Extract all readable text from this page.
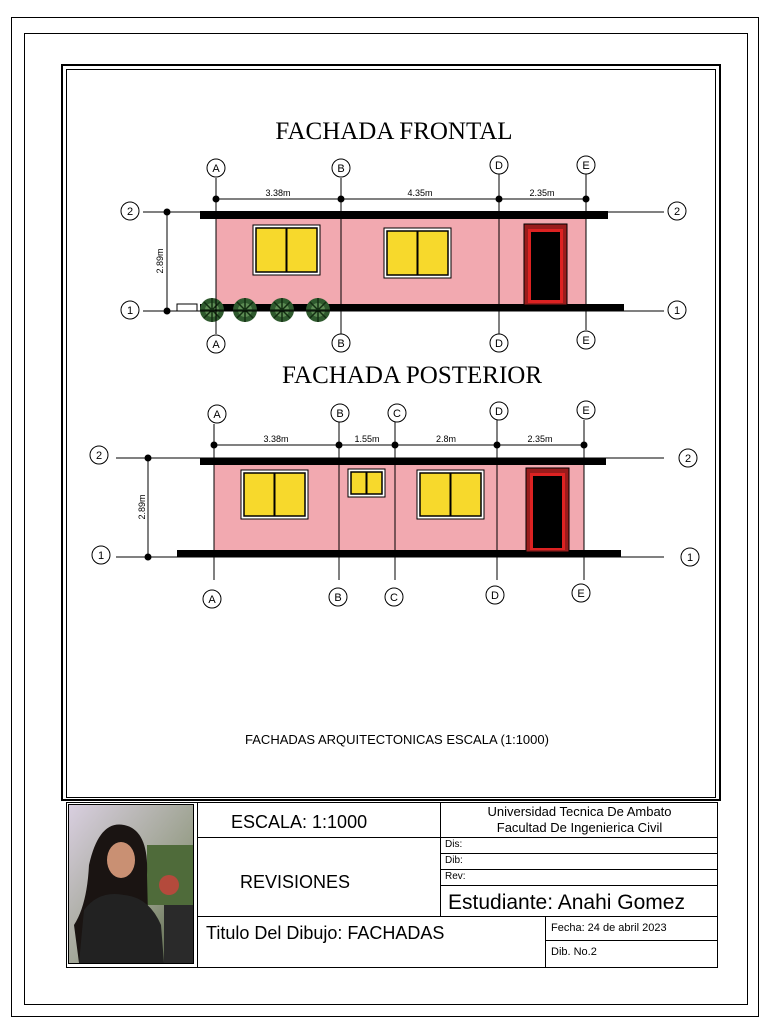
FACHADA FRONTAL
3.38m	4.35m	2.35m
2.89m
A	B	D	E
A	B	D	E
2	2
1	1
FACHADA POSTERIOR
3.38m	1.55m	2.8m	2.35m
2.89m
A	B	C	D	E
A	B	C	D	E
2	2
1	1
FACHADAS ARQUITECTONICAS ESCALA (1:1000)
ESCALA: 1:1000
Universidad Tecnica De Ambato
Facultad De Ingenierica Civil
Dis:
Dib:
Rev:
REVISIONES
Estudiante: Anahi Gomez
Titulo Del Dibujo: FACHADAS	Fecha: 24 de abril 2023
Dib. No.2
